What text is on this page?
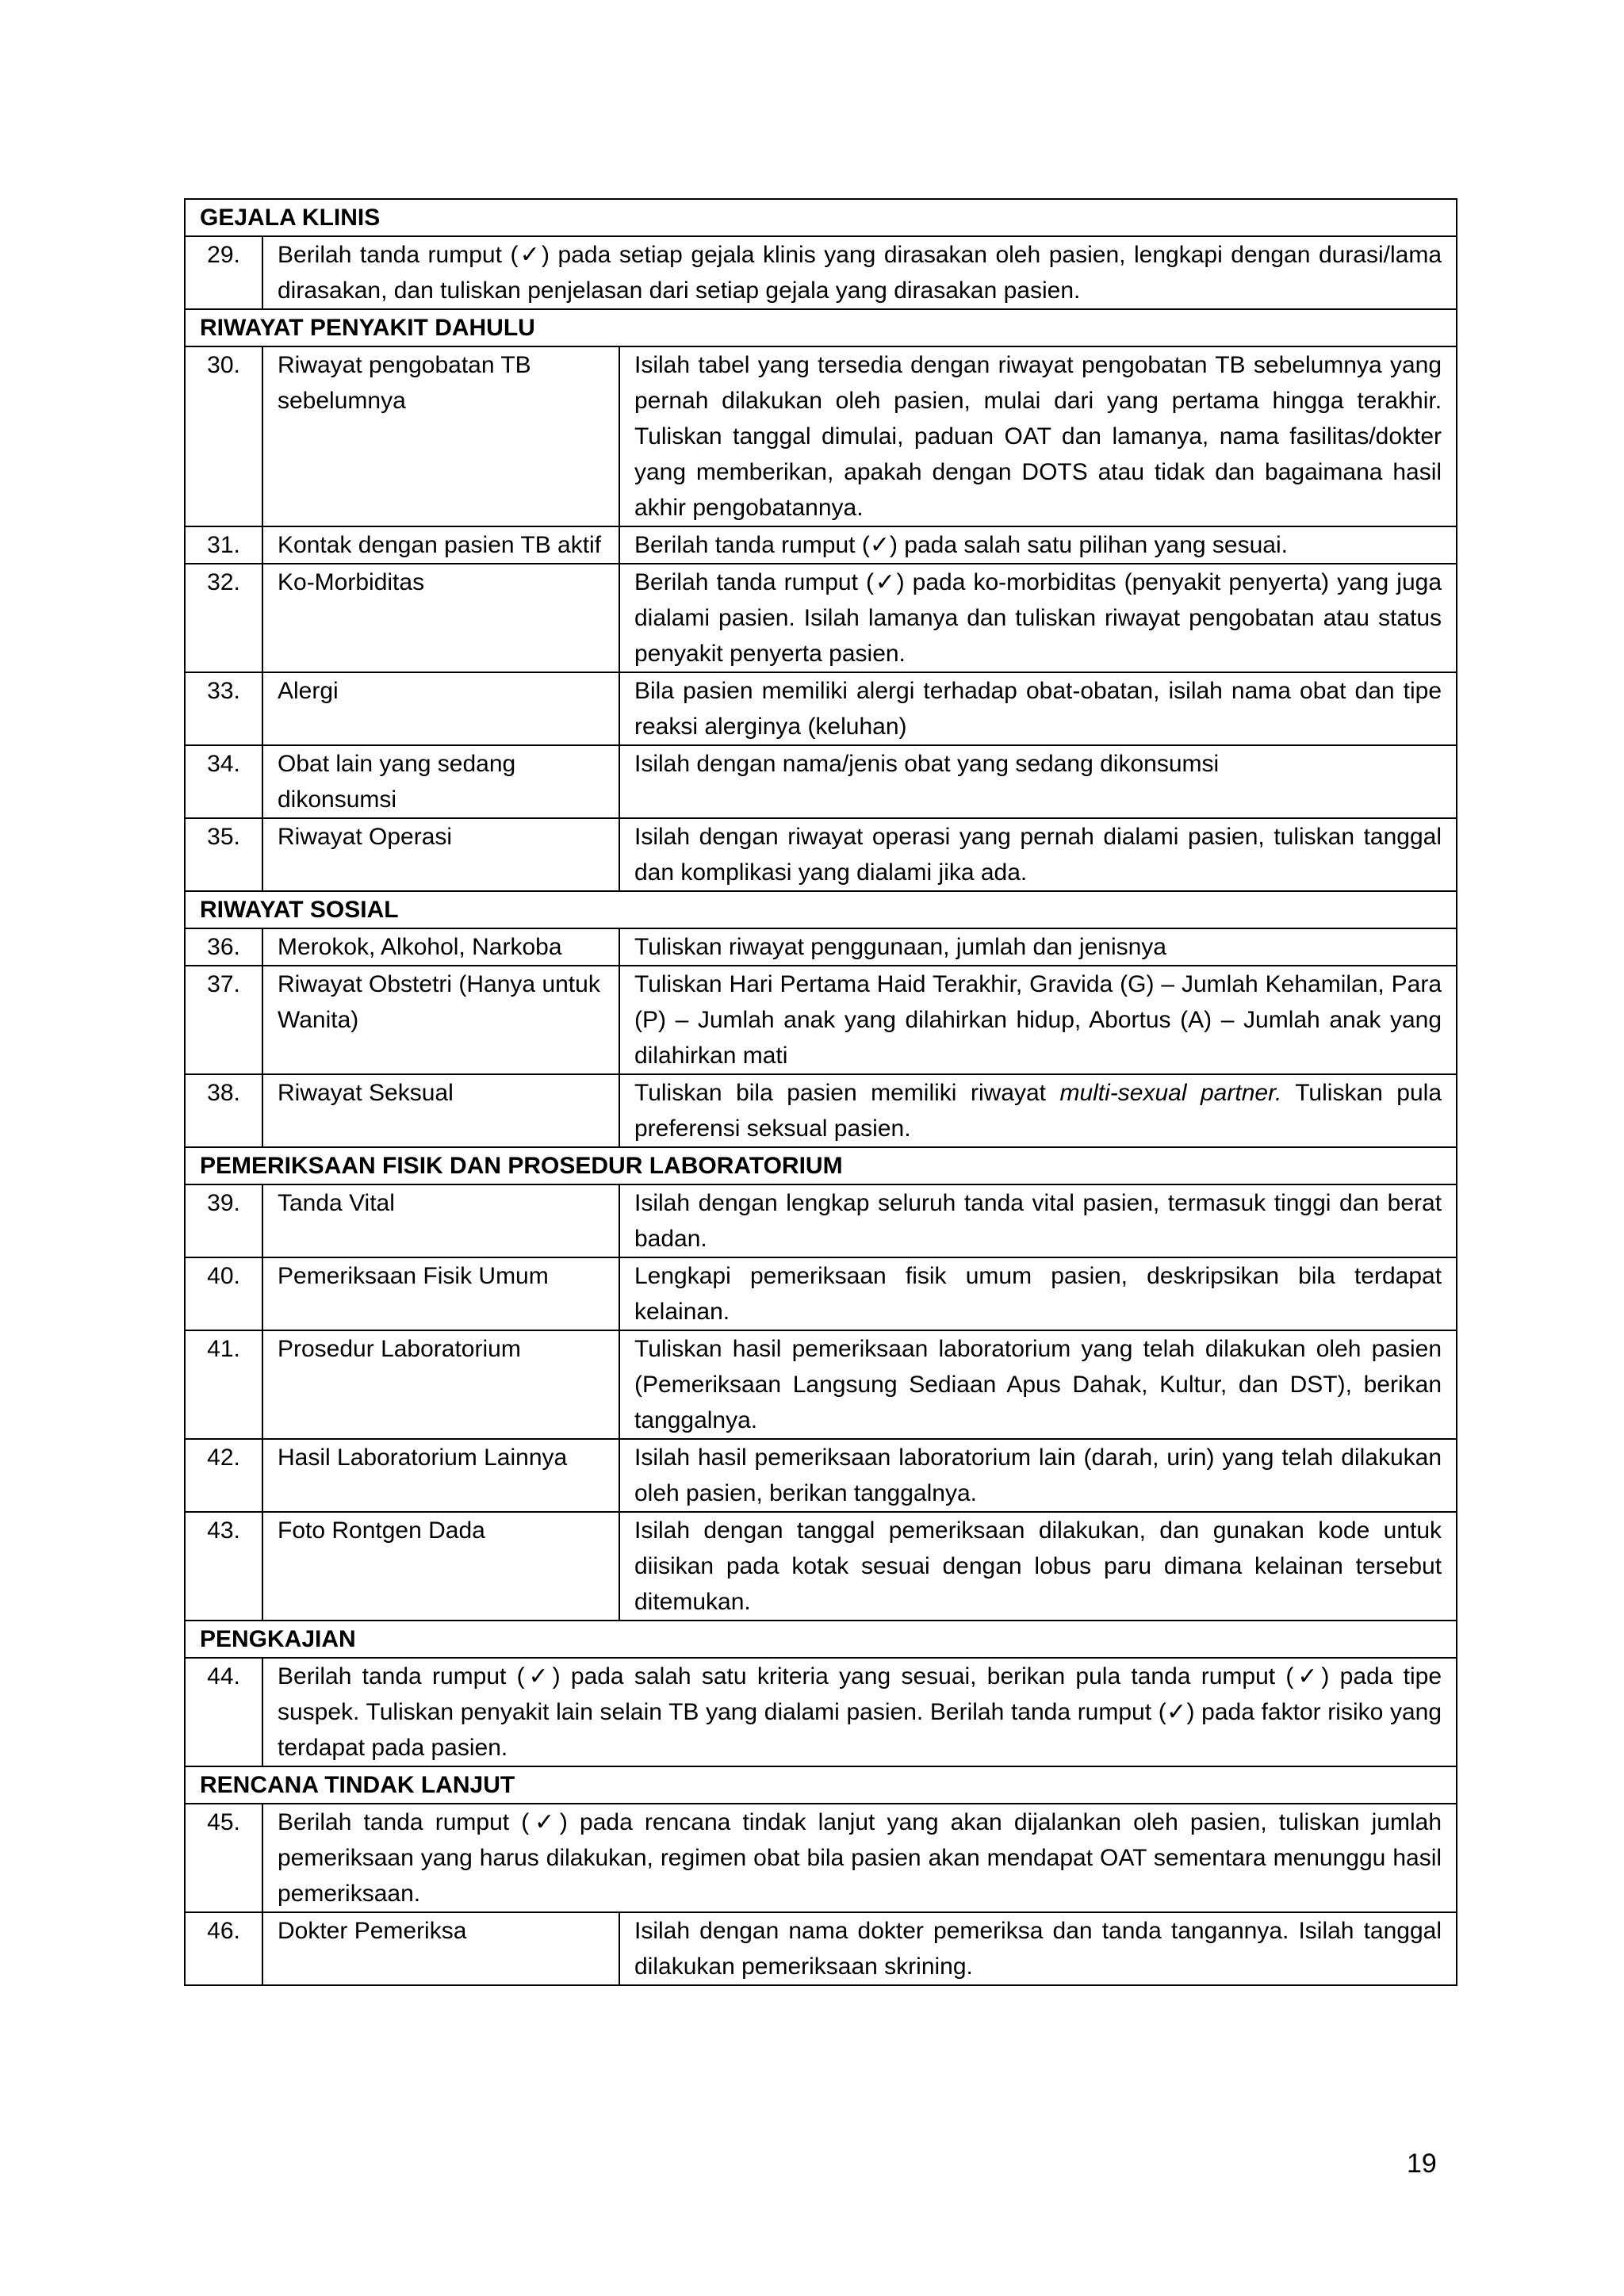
GEJALA KLINIS		
29.	Berilah tanda rumput (✓) pada setiap gejala klinis yang dirasakan oleh pasien, lengkapi dengan durasi/lama dirasakan, dan tuliskan penjelasan dari setiap gejala yang dirasakan pasien.	
RIWAYAT PENYAKIT DAHULU		
30.	Riwayat pengobatan TB sebelumnya	Isilah tabel yang tersedia dengan riwayat pengobatan TB sebelumnya yang pernah dilakukan oleh pasien, mulai dari yang pertama hingga terakhir. Tuliskan tanggal dimulai, paduan OAT dan lamanya, nama fasilitas/dokter yang memberikan, apakah dengan DOTS atau tidak dan bagaimana hasil akhir pengobatannya.
31.	Kontak dengan pasien TB aktif	Berilah tanda rumput (✓) pada salah satu pilihan yang sesuai.
32.	Ko-Morbiditas	Berilah tanda rumput (✓) pada ko-morbiditas (penyakit penyerta) yang juga dialami pasien. Isilah lamanya dan tuliskan riwayat pengobatan atau status penyakit penyerta pasien.
33.	Alergi	Bila pasien memiliki alergi terhadap obat-obatan, isilah nama obat dan tipe reaksi alerginya (keluhan)
34.	Obat lain yang sedang dikonsumsi	Isilah dengan nama/jenis obat yang sedang dikonsumsi
35.	Riwayat Operasi	Isilah dengan riwayat operasi yang pernah dialami pasien, tuliskan tanggal dan komplikasi yang dialami jika ada.
RIWAYAT SOSIAL		
36.	Merokok, Alkohol, Narkoba	Tuliskan riwayat penggunaan, jumlah dan jenisnya
37.	Riwayat Obstetri (Hanya untuk Wanita)	Tuliskan Hari Pertama Haid Terakhir, Gravida (G) – Jumlah Kehamilan, Para (P) – Jumlah anak yang dilahirkan hidup, Abortus (A) – Jumlah anak yang dilahirkan mati
38.	Riwayat Seksual	Tuliskan bila pasien memiliki riwayat multi-sexual partner. Tuliskan pula preferensi seksual pasien.
PEMERIKSAAN FISIK DAN PROSEDUR LABORATORIUM		
39.	Tanda Vital	Isilah dengan lengkap seluruh tanda vital pasien, termasuk tinggi dan berat badan.
40.	Pemeriksaan Fisik Umum	Lengkapi pemeriksaan fisik umum pasien, deskripsikan bila terdapat kelainan.
41.	Prosedur Laboratorium	Tuliskan hasil pemeriksaan laboratorium yang telah dilakukan oleh pasien (Pemeriksaan Langsung Sediaan Apus Dahak, Kultur, dan DST), berikan tanggalnya.
42.	Hasil Laboratorium Lainnya	Isilah hasil pemeriksaan laboratorium lain (darah, urin) yang telah dilakukan oleh pasien, berikan tanggalnya.
43.	Foto Rontgen Dada	Isilah dengan tanggal pemeriksaan dilakukan, dan gunakan kode untuk diisikan pada kotak sesuai dengan lobus paru dimana kelainan tersebut ditemukan.
PENGKAJIAN		
44.	Berilah tanda rumput (✓) pada salah satu kriteria yang sesuai, berikan pula tanda rumput (✓) pada tipe suspek. Tuliskan penyakit lain selain TB yang dialami pasien. Berilah tanda rumput (✓) pada faktor risiko yang terdapat pada pasien.	
RENCANA TINDAK LANJUT		
45.	Berilah tanda rumput (✓) pada rencana tindak lanjut yang akan dijalankan oleh pasien, tuliskan jumlah pemeriksaan yang harus dilakukan, regimen obat bila pasien akan mendapat OAT sementara menunggu hasil pemeriksaan.	
46.	Dokter Pemeriksa	Isilah dengan nama dokter pemeriksa dan tanda tangannya. Isilah tanggal dilakukan pemeriksaan skrining.
19
